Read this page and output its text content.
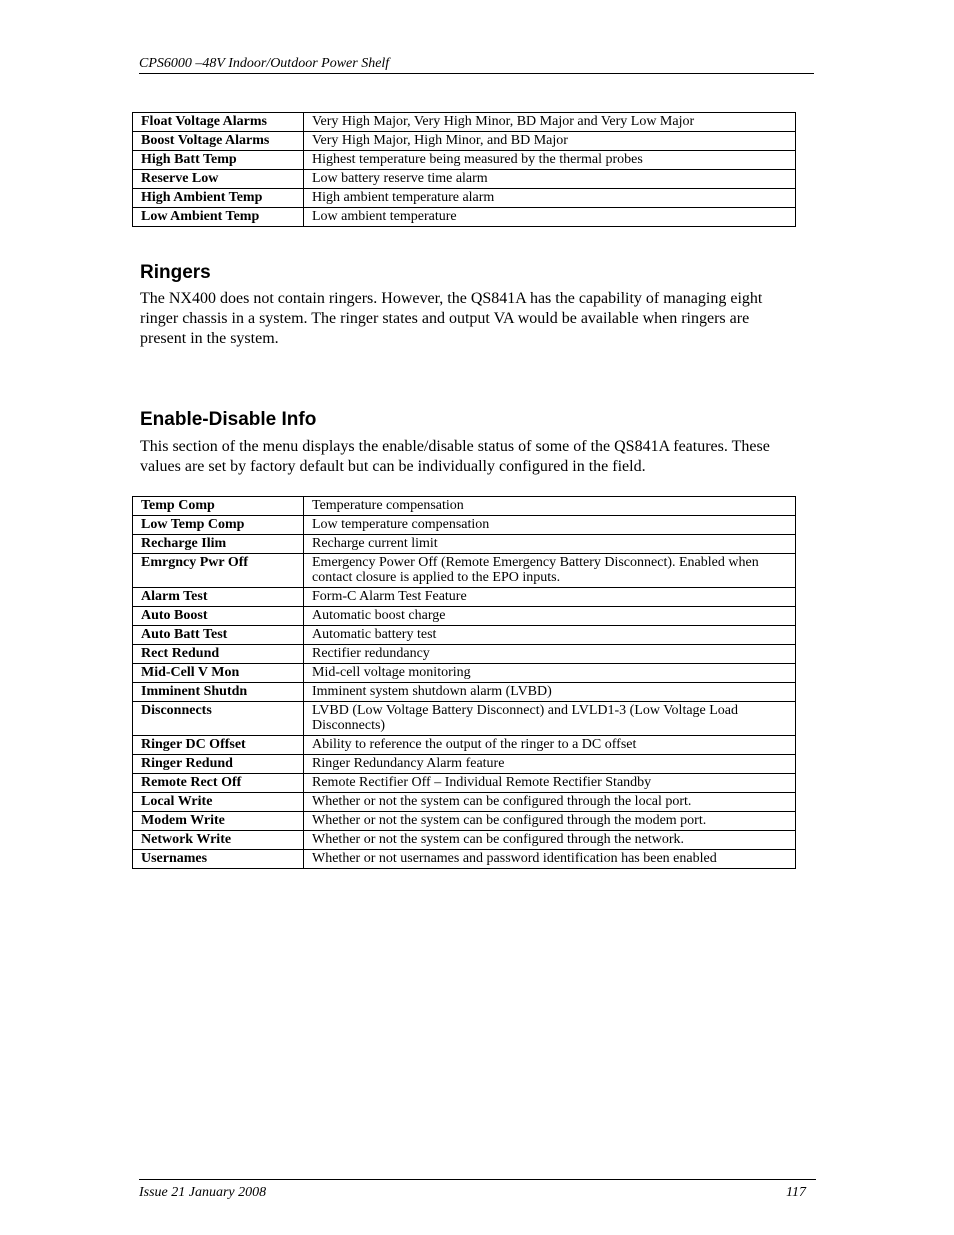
CPS6000 –48V Indoor/Outdoor Power Shelf
Float Voltage Alarms	Very High Major, Very High Minor, BD Major and Very Low Major
Boost Voltage Alarms	Very High Major, High Minor, and BD Major
High Batt Temp	Highest temperature being measured by the thermal probes
Reserve Low	Low battery reserve time alarm
High Ambient Temp	High ambient temperature alarm
Low Ambient Temp	Low ambient temperature
Ringers

The NX400 does not contain ringers. However, the QS841A has the capability of managing eight ringer chassis in a system. The ringer states and output VA would be available when ringers are present in the system.

Enable-Disable Info

This section of the menu displays the enable/disable status of some of the QS841A features. These values are set by factory default but can be individually configured in the field.

Temp Comp	Temperature compensation
Low Temp Comp	Low temperature compensation
Recharge Ilim	Recharge current limit
Emrgncy Pwr Off	Emergency Power Off (Remote Emergency Battery Disconnect). Enabled when contact closure is applied to the EPO inputs.
Alarm Test	Form-C Alarm Test Feature
Auto Boost	Automatic boost charge
Auto Batt Test	Automatic battery test
Rect Redund	Rectifier redundancy
Mid-Cell V Mon	Mid-cell voltage monitoring
Imminent Shutdn	Imminent system shutdown alarm (LVBD)
Disconnects	LVBD (Low Voltage Battery Disconnect) and LVLD1-3 (Low Voltage Load Disconnects)
Ringer DC Offset	Ability to reference the output of the ringer to a DC offset
Ringer Redund	Ringer Redundancy Alarm feature
Remote Rect Off	Remote Rectifier Off – Individual Remote Rectifier Standby
Local Write	Whether or not the system can be configured through the local port.
Modem Write	Whether or not the system can be configured through the modem port.
Network Write	Whether or not the system can be configured through the network.
Usernames	Whether or not usernames and password identification has been enabled
Issue 21 January 2008	117
